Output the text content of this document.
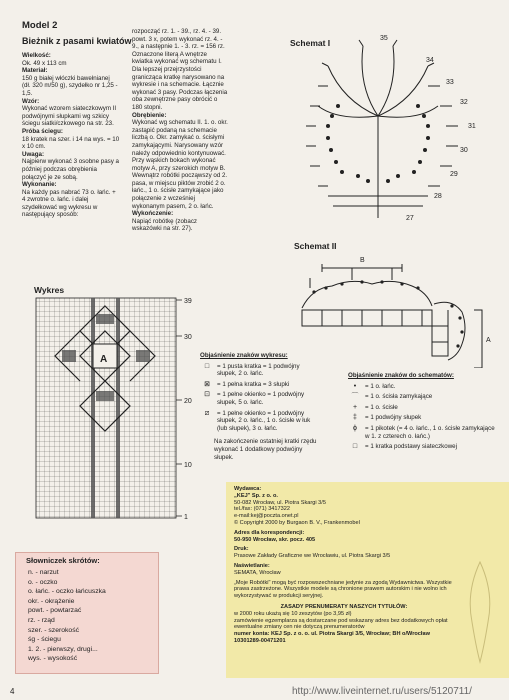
Model 2
Bieżnik z pasami kwiatów

Wielkość:

Ok. 49 x 113 cm

Materiał:

150 g białej włóczki bawełnianej (dł. 320 m/50 g), szydełko nr 1,25 - 1,5.

Wzór:

Wykonać wzorem siateczkowym II podwójnymi słupkami wg szkicy ściegu siatki/czkowego na str. 23.

Próba ściegu:

18 kratek na szer. i 14 na wys. = 10 x 10 cm.

Uwaga:

Najpierw wykonać 3 osobne pasy a później podczas obrębienia połączyć je ze sobą.

Wykonanie:

Na każdy pas nabrać 73 o. łańc. + 4 zwrotne o. łańc. i dalej szydełkować wg wykresu w następujący sposób:

rozpocząć rz. 1. - 39., rz. 4. - 39. powt. 3 x, potem wykonać rz. 4. - 9., a następnie 1. - 3. rz. = 156 rz. Oznaczone literą A wnętrze kwiatka wykonać wg schematu I. Dla lepszej przejrzystości granicząca kratkę narysowano na wykresie i na schemacie. Łącznie wykonać 3 pasy. Podczas łączenia oba zewnętrzne pasy obrócić o 180 stopni.

Obrębienie:

Wykonać wg schematu II. 1. o. okr. zastąpić podaną na schemacie liczbą o. Okr. zamykać o. ścisłymi zamykającymi. Narysowany wzór należy odpowiednio kontynuować. Przy wąskich bokach wykonać motyw A, przy szerokich motyw B. Wewnątrz robótki począwszy od 2. pasa, w miejscu piktów zrobić 2 o. łańc., 1 o. ścisłe zamykające jako połączenie z wcześniej wykonanym pasem, 2 o. łańc.

Wykończenie:

Napiąć robótkę (zobacz wskazówki na str. 27).

Schemat I	35
34
33
32
31
30
29
28
27
Schemat II
B
A
Wykres
A
39
30
20
10
1
Objaśnienie znaków wykresu:
□	= 1 pusta kratka = 1 podwójny słupek, 2 o. łańc.
⊠	= 1 pełna kratka = 3 słupki
⊡	= 1 pełne okienko = 1 podwójny słupek, 5 o. łańc.
⧄	= 1 pełne okienko = 1 podwójny słupek, 2 o. łańc., 1 o. ścisłe w łuk (lub słupek), 3 o. łańc.
Na zakończenie ostatniej kratki rzędu wykonać 1 dodatkowy podwójny słupek.
Objaśnienie znaków do schematów:
•	= 1 o. łańc.
⌒	= 1 o. ścisła zamykające
+	= 1 o. ścisłe
‡	= 1 podwójny słupek
ϕ	= 1 pikotek (= 4 o. łańc., 1 o. ścisłe zamykające w 1. z czterech o. łańc.)
□	= 1 kratka podstawy siateczkowej
Słowniczek skrótów:
n. - narzut
o. - oczko
o. łańc. - oczko łańcuszka
okr. - okrążenie
powt. - powtarzać
rz. - rząd
szer. - szerokość
śg - ściegu
1. 2. - pierwszy, drugi...
wys. - wysokość
Wydawca:
„KEJ" Sp. z o. o.
50-082 Wrocław, ul. Piotra Skargi 3/5
tel./fax: (071) 3417322
e-mail:kej@poczta.onet.pl
© Copyright 2000 by Burgaon B. V., Frankenmobel
Adres dla korespondencji:
50-950 Wrocław, skr. pocz. 405
Druk:
Prasowe Zakłady Graficzne we Wrocławiu, ul. Piotra Skargi 3/5
Naświetlanie:
SEMATA, Wrocław
„Moje Robótki" mogą być rozpowszechniane jedynie za zgodą Wydawnictwa. Wszystkie prawa zastrzeżone. Wszystkie modele są chronione prawem autorskim i nie wolno ich wykorzystywać w produkcji seryjnej.
ZASADY PRENUMERATY NASZYCH TYTUŁÓW:
w 2000 roku ukażą się 10 zeszytów (po 3,95 zł)
zamówienie egzemplarza są dostarczane pod wskazany adres bez dodatkowych opłat
ewentualne zmiany cen nie dotyczą prenumeratorów
numer konta: KEJ Sp. z o. o. ul. Piotra Skargi 3/5, Wrocław; BH o/Wrocław 10301289-00471201
4	http://www.liveinternet.ru/users/5120711/
